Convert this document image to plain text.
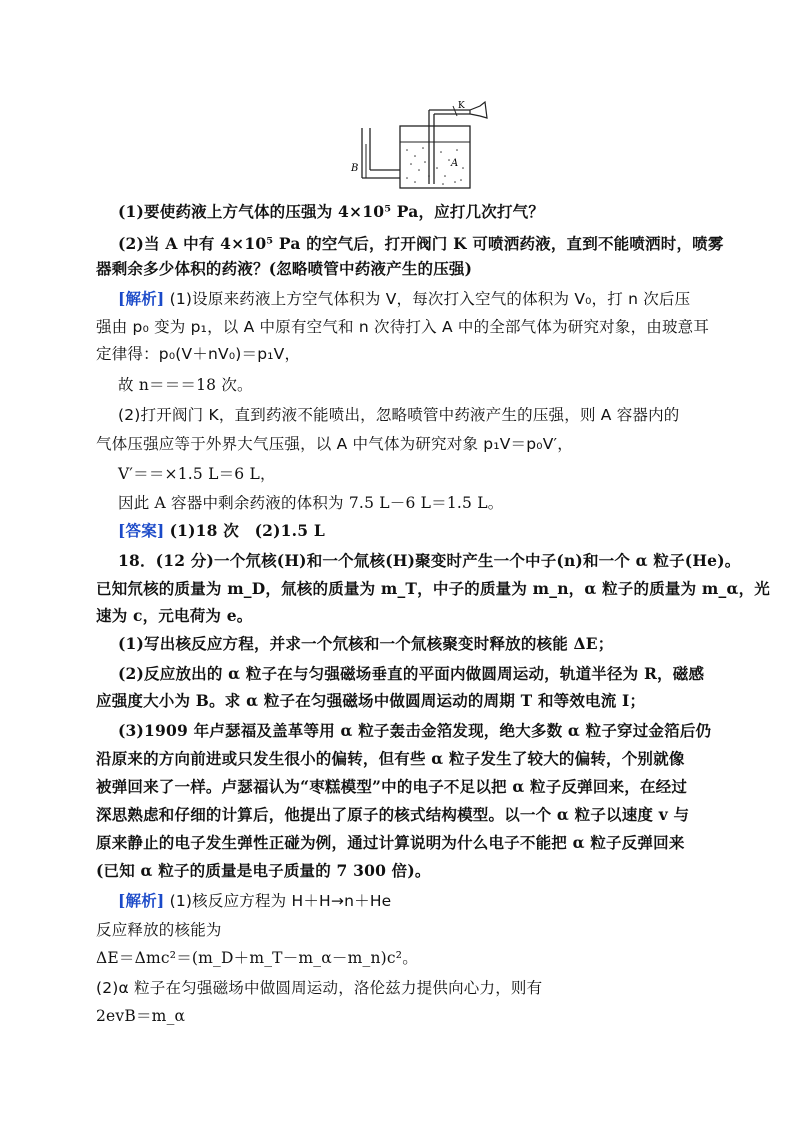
B
K
A
(1)要使药液上方气体的压强为 4×10⁵ Pa，应打几次打气？
(2)当 A 中有 4×10⁵ Pa 的空气后，打开阀门 K 可喷洒药液，直到不能喷洒时，喷雾
器剩余多少体积的药液？(忽略喷管中药液产生的压强)
[解析] (1)设原来药液上方空气体积为 V，每次打入空气的体积为 V₀，打 n 次后压
强由 p₀ 变为 p₁，以 A 中原有空气和 n 次待打入 A 中的全部气体为研究对象，由玻意耳
定律得：p₀(V＋nV₀)＝p₁V，
故 n＝＝＝18 次。
(2)打开阀门 K，直到药液不能喷出，忽略喷管中药液产生的压强，则 A 容器内的
气体压强应等于外界大气压强，以 A 中气体为研究对象 p₁V＝p₀V′，
V′＝＝×1.5 L＝6 L，
因此 A 容器中剩余药液的体积为 7.5 L－6 L＝1.5 L。
[答案] (1)18 次　(2)1.5 L
18．(12 分)一个氘核(H)和一个氚核(H)聚变时产生一个中子(n)和一个 α 粒子(He)。
已知氘核的质量为 m_D，氚核的质量为 m_T，中子的质量为 m_n，α 粒子的质量为 m_α，光
速为 c，元电荷为 e。
(1)写出核反应方程，并求一个氘核和一个氚核聚变时释放的核能 ΔE；
(2)反应放出的 α 粒子在与匀强磁场垂直的平面内做圆周运动，轨道半径为 R，磁感
应强度大小为 B。求 α 粒子在匀强磁场中做圆周运动的周期 T 和等效电流 I；
(3)1909 年卢瑟福及盖革等用 α 粒子轰击金箔发现，绝大多数 α 粒子穿过金箔后仍
沿原来的方向前进或只发生很小的偏转，但有些 α 粒子发生了较大的偏转，个别就像
被弹回来了一样。卢瑟福认为“枣糕模型”中的电子不足以把 α 粒子反弹回来，在经过
深思熟虑和仔细的计算后，他提出了原子的核式结构模型。以一个 α 粒子以速度 v 与
原来静止的电子发生弹性正碰为例，通过计算说明为什么电子不能把 α 粒子反弹回来
(已知 α 粒子的质量是电子质量的 7 300 倍)。
[解析] (1)核反应方程为 H＋H→n＋He
反应释放的核能为
ΔE＝Δmc²＝(m_D＋m_T－m_α－m_n)c²。
(2)α 粒子在匀强磁场中做圆周运动，洛伦兹力提供向心力，则有
2evB＝m_α
